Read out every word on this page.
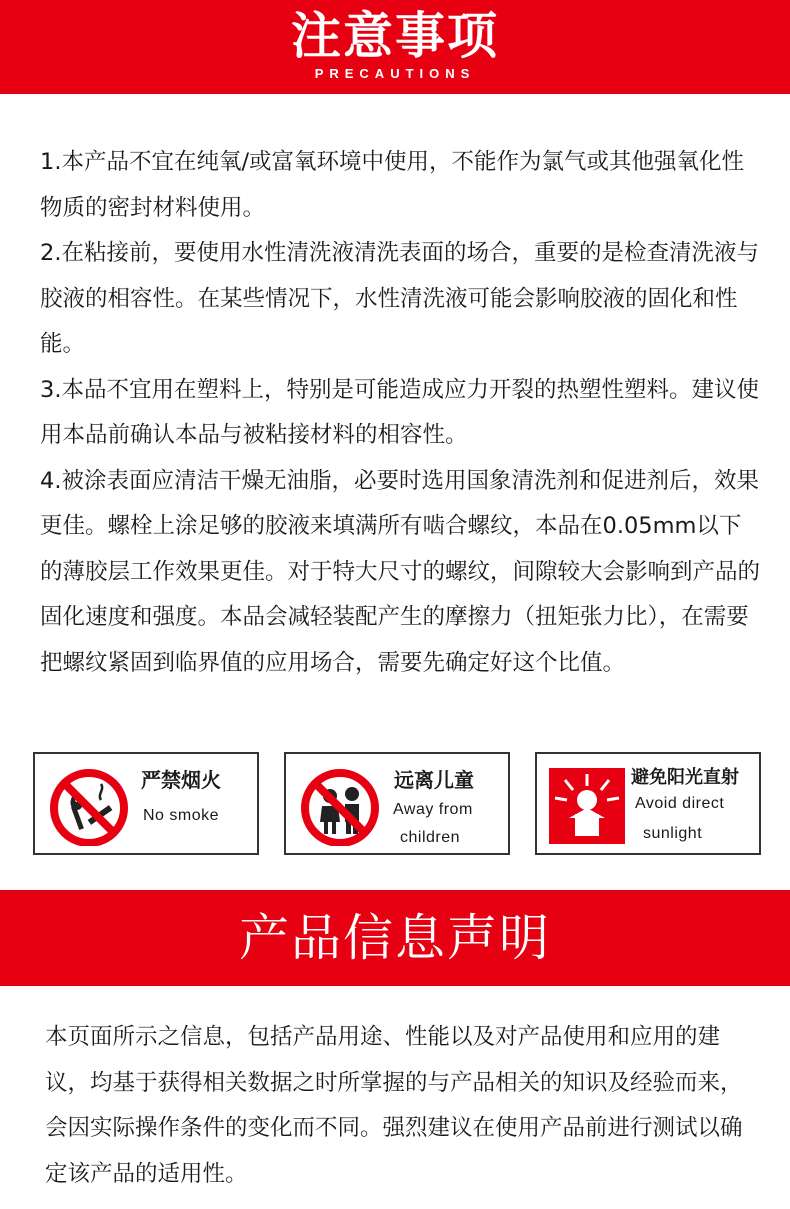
注意事项
PRECAUTIONS

1.本产品不宜在纯氧/或富氧环境中使用，不能作为氯气或其他强氧化性物质的密封材料使用。

2.在粘接前，要使用水性清洗液清洗表面的场合，重要的是检查清洗液与胶液的相容性。在某些情况下，水性清洗液可能会影响胶液的固化和性能。

3.本品不宜用在塑料上，特别是可能造成应力开裂的热塑性塑料。建议使用本品前确认本品与被粘接材料的相容性。

4.被涂表面应清洁干燥无油脂，必要时选用国象清洗剂和促进剂后，效果更佳。螺栓上涂足够的胶液来填满所有啮合螺纹，本品在0.05mm以下的薄胶层工作效果更佳。对于特大尺寸的螺纹，间隙较大会影响到产品的固化速度和强度。本品会减轻装配产生的摩擦力（扭矩张力比），在需要把螺纹紧固到临界值的应用场合，需要先确定好这个比值。

严禁烟火
No smoke
远离儿童
Away from
children
避免阳光直射
Avoid direct
sunlight
产品信息声明
本页面所示之信息，包括产品用途、性能以及对产品使用和应用的建议，均基于获得相关数据之时所掌握的与产品相关的知识及经验而来，会因实际操作条件的变化而不同。强烈建议在使用产品前进行测试以确定该产品的适用性。
